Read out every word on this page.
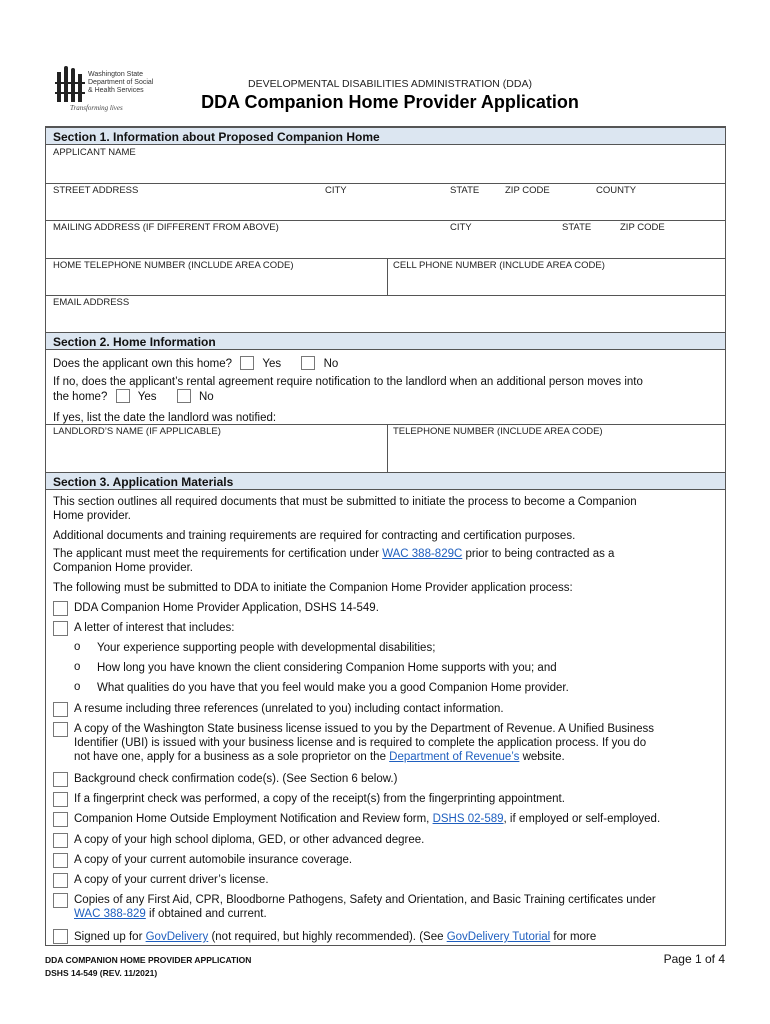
Washington State
Department of Social
& Health Services
Transforming lives
DEVELOPMENTAL DISABILITIES ADMINISTRATION (DDA)
DDA Companion Home Provider Application
Section 1. Information about Proposed Companion Home
APPLICANT NAME
STREET ADDRESS	CITY	STATE	ZIP CODE	COUNTY
MAILING ADDRESS (IF DIFFERENT FROM ABOVE)	CITY	STATE	ZIP CODE
HOME TELEPHONE NUMBER (INCLUDE AREA CODE)	CELL PHONE NUMBER (INCLUDE AREA CODE)
EMAIL ADDRESS
Section 2. Home Information
Does the applicant own this home?	Yes	No
If no, does the applicant’s rental agreement require notification to the landlord when an additional person moves into
the home?	Yes	No
If yes, list the date the landlord was notified:
LANDLORD’S NAME (IF APPLICABLE)	TELEPHONE NUMBER (INCLUDE AREA CODE)
Section 3. Application Materials
This section outlines all required documents that must be submitted to initiate the process to become a Companion
Home provider.
Additional documents and training requirements are required for contracting and certification purposes.
The applicant must meet the requirements for certification under WAC 388-829C prior to being contracted as a
Companion Home provider.
The following must be submitted to DDA to initiate the Companion Home Provider application process:
DDA Companion Home Provider Application, DSHS 14-549.
A letter of interest that includes:
o Your experience supporting people with developmental disabilities;
o How long you have known the client considering Companion Home supports with you; and
o What qualities do you have that you feel would make you a good Companion Home provider.
A resume including three references (unrelated to you) including contact information.
A copy of the Washington State business license issued to you by the Department of Revenue. A Unified Business
Identifier (UBI) is issued with your business license and is required to complete the application process. If you do
not have one, apply for a business as a sole proprietor on the Department of Revenue’s website.
Background check confirmation code(s). (See Section 6 below.)
If a fingerprint check was performed, a copy of the receipt(s) from the fingerprinting appointment.
Companion Home Outside Employment Notification and Review form, DSHS 02-589, if employed or self-employed.
A copy of your high school diploma, GED, or other advanced degree.
A copy of your current automobile insurance coverage.
A copy of your current driver’s license.
Copies of any First Aid, CPR, Bloodborne Pathogens, Safety and Orientation, and Basic Training certificates under
WAC 388-829 if obtained and current.
Signed up for GovDelivery (not required, but highly recommended). (See GovDelivery Tutorial for more
DDA COMPANION HOME PROVIDER APPLICATION
DSHS 14-549 (REV. 11/2021)
Page 1 of 4
